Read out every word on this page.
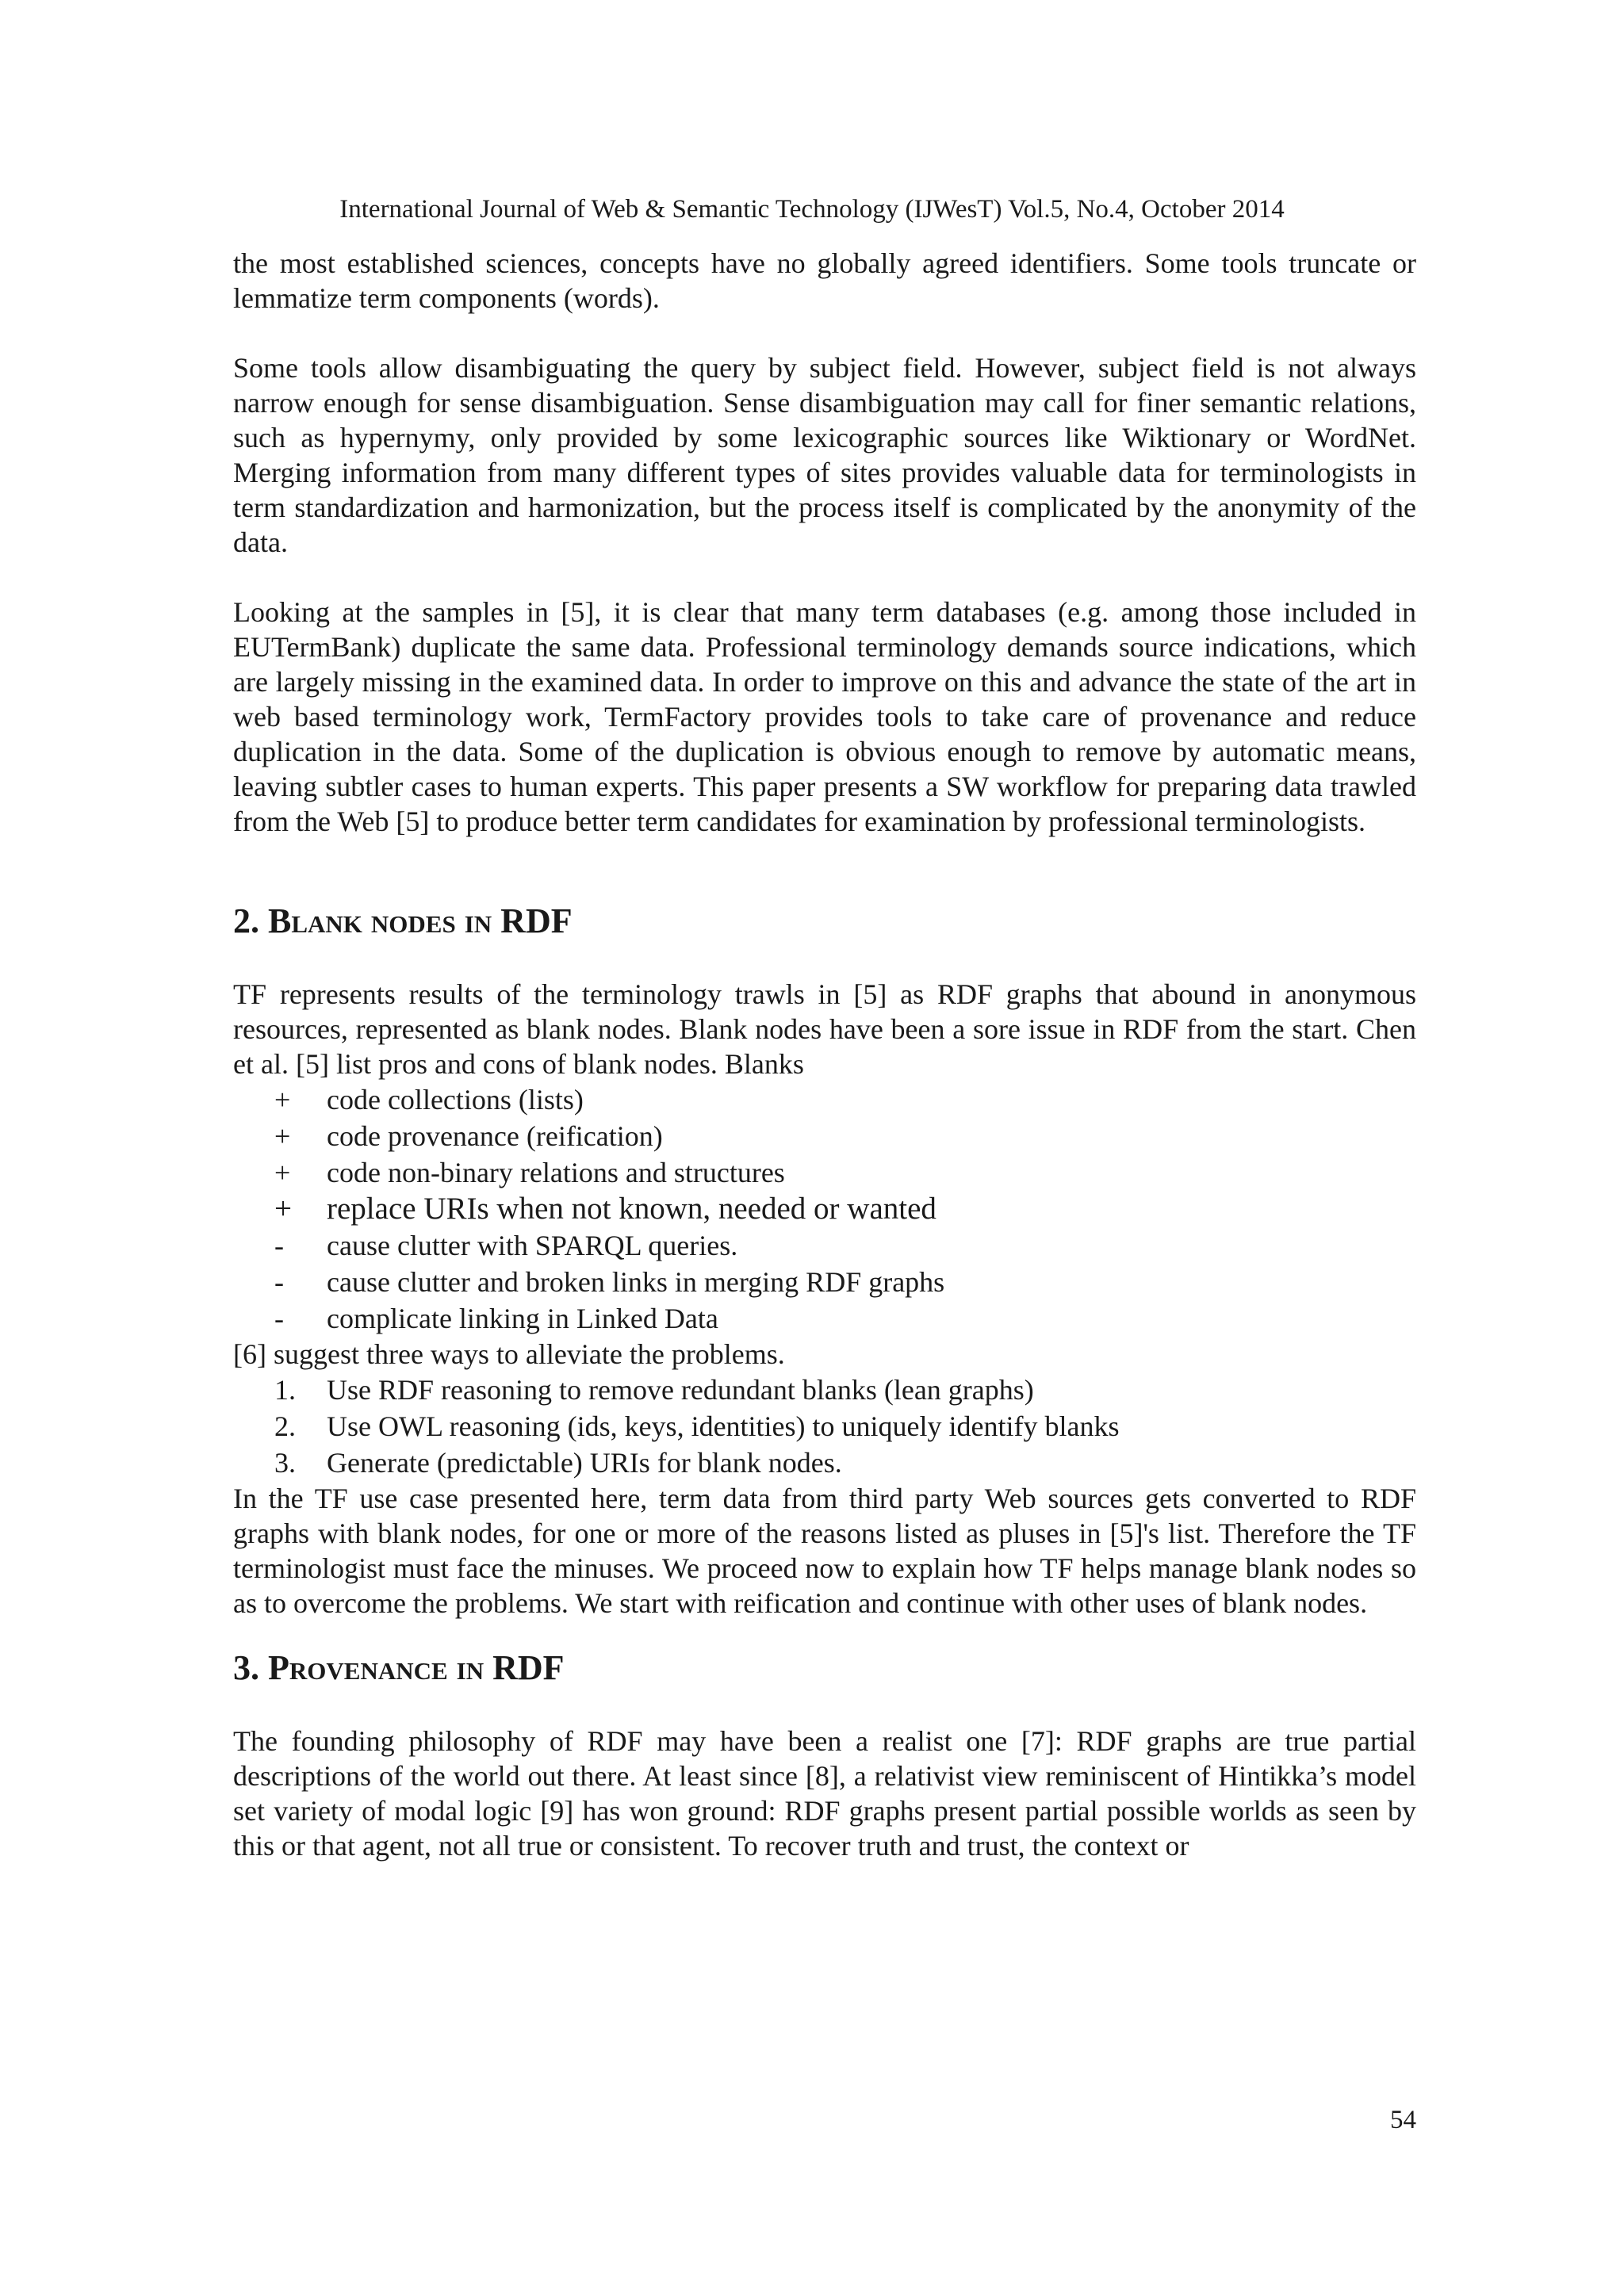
International Journal of Web & Semantic Technology (IJWesT) Vol.5, No.4, October 2014

the most established sciences, concepts have no globally agreed identifiers. Some tools truncate or lemmatize term components (words).

Some tools allow disambiguating the query by subject field. However, subject field is not always narrow enough for sense disambiguation. Sense disambiguation may call for finer semantic relations, such as hypernymy, only provided by some lexicographic sources like Wiktionary or WordNet. Merging information from many different types of sites provides valuable data for terminologists in term standardization and harmonization, but the process itself is complicated by the anonymity of the data.

Looking at the samples in [5], it is clear that many term databases (e.g. among those included in EUTermBank) duplicate the same data. Professional terminology demands source indications, which are largely missing in the examined data. In order to improve on this and advance the state of the art in web based terminology work, TermFactory provides tools to take care of provenance and reduce duplication in the data. Some of the duplication is obvious enough to remove by automatic means, leaving subtler cases to human experts. This paper presents a SW workflow for preparing data trawled from the Web [5] to produce better term candidates for examination by professional terminologists.

2. Blank nodes in RDF

TF represents results of the terminology trawls in [5] as RDF graphs that abound in anonymous resources, represented as blank nodes. Blank nodes have been a sore issue in RDF from the start. Chen et al. [5] list pros and cons of blank nodes. Blanks

+	code collections (lists)
+	code provenance (reification)
+	code non-binary relations and structures
+	replace URIs when not known, needed or wanted
-	cause clutter with SPARQL queries.
-	cause clutter and broken links in merging RDF graphs
-	complicate linking in Linked Data

[6] suggest three ways to alleviate the problems.

1.	Use RDF reasoning to remove redundant blanks (lean graphs)
2.	Use OWL reasoning (ids, keys, identities) to uniquely identify blanks
3.	Generate (predictable) URIs for blank nodes.

In the TF use case presented here, term data from third party Web sources gets converted to RDF graphs with blank nodes, for one or more of the reasons listed as pluses in [5]'s list. Therefore the TF terminologist must face the minuses. We proceed now to explain how TF helps manage blank nodes so as to overcome the problems. We start with reification and continue with other uses of blank nodes.

3. Provenance in RDF

The founding philosophy of RDF may have been a realist one [7]: RDF graphs are true partial descriptions of the world out there. At least since [8], a relativist view reminiscent of Hintikka’s model set variety of modal logic [9] has won ground: RDF graphs present partial possible worlds as seen by this or that agent, not all true or consistent. To recover truth and trust, the context or

54
